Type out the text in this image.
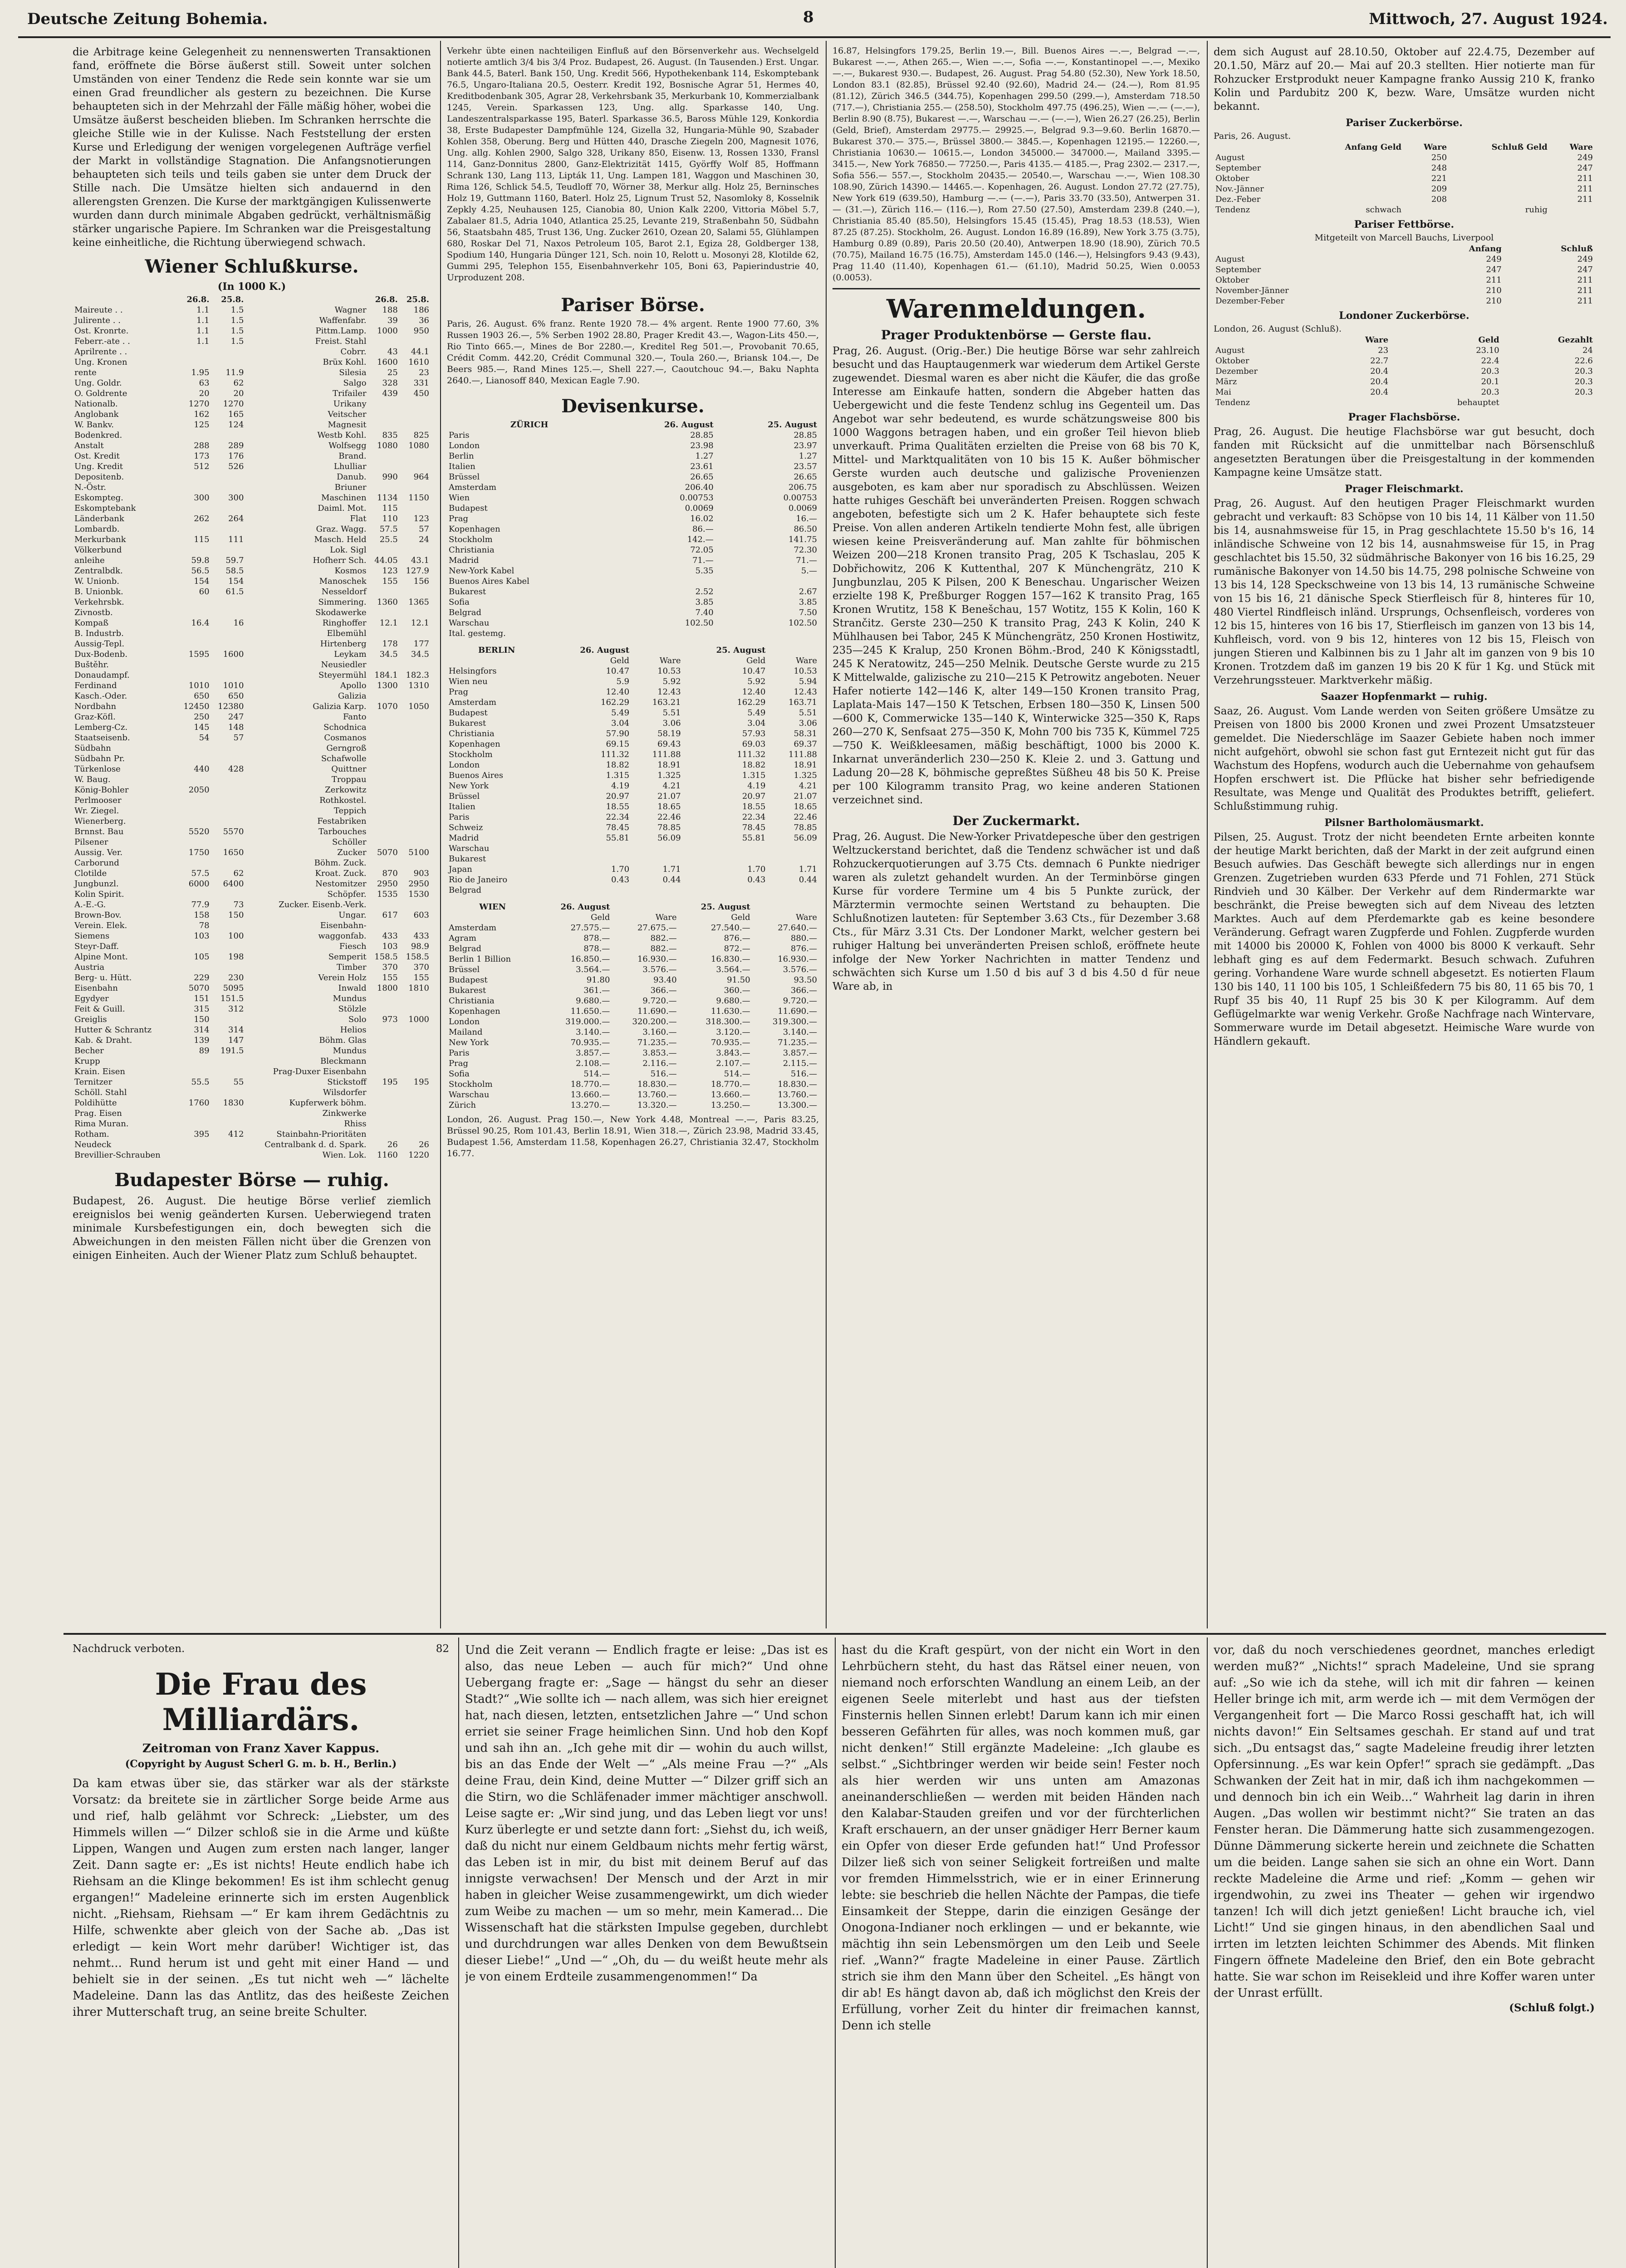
Deutsche Zeitung Bohemia.	8	Mittwoch, 27. August 1924.
die Arbitrage keine Gelegenheit zu nennenswerten Transaktionen fand, eröffnete die Börse äußerst still. Soweit unter solchen Umständen von einer Tendenz die Rede sein konnte war sie um einen Grad freundlicher als gestern zu bezeichnen. Die Kurse behaupteten sich in der Mehrzahl der Fälle mäßig höher, wobei die Umsätze äußerst bescheiden blieben. Im Schranken herrschte die gleiche Stille wie in der Kulisse. Nach Feststellung der ersten Kurse und Erledigung der wenigen vorgelegenen Aufträge verfiel der Markt in vollständige Stagnation. Die Anfangsnotierungen behaupteten sich teils und teils gaben sie unter dem Druck der Stille nach. Die Umsätze hielten sich andauernd in den allerengsten Grenzen. Die Kurse der marktgängigen Kulissenwerte wurden dann durch minimale Abgaben gedrückt, verhältnismäßig stärker ungarische Papiere. Im Schranken war die Preisgestaltung keine einheitliche, die Richtung überwiegend schwach.
Wiener Schlußkurse.
(In 1000 K.)
	26.8.	25.8.		26.8.	25.8.
Maireute . .	1.1	1.5	Wagner	188	186
Julirente . .	1.1	1.5	Waffenfabr.	39	36
Ost. Kronrte.	1.1	1.5	Pittm.Lamp.	1000	950
Feberr.-ate . .	1.1	1.5	Freist. Stahl		
Aprilrente . .			Cobrr.	43	44.1
Ung. Kronen			Brüx Kohl.	1600	1610
rente	1.95	11.9	Silesia	25	23
Ung. Goldr.	63	62	Salgo	328	331
O. Goldrente	20	20	Trifailer	439	450
Nationalb.	1270	1270	Urikany		
Anglobank	162	165	Veitscher		
W. Bankv.	125	124	Magnesit		
Bodenkred.			Westb Kohl.	835	825
Anstalt	288	289	Wolfsegg	1080	1080
Ost. Kredit	173	176	Brand.		
Ung. Kredit	512	526	Lhulliar		
Depositenb.			Danub.	990	964
N.-Östr.			Briuner		
Eskompteg.	300	300	Maschinen	1134	1150
Eskomptebank			Daiml. Mot.	115	
Länderbank	262	264	Flat	110	123
Lombardb.			Graz. Wagg.	57.5	57
Merkurbank	115	111	Masch. Held	25.5	24
Völkerbund			Lok. Sigl		
anleihe	59.8	59.7	Hofherr Sch.	44.05	43.1
Zentralbdk.	56.5	58.5	Kosmos	123	127.9
W. Unionb.	154	154	Manoschek	155	156
B. Unionbk.	60	61.5	Nesseldorf		
Verkehrsbk.			Simmering.	1360	1365
Zivnostb.			Skodawerke		
Kompaß	16.4	16	Ringhoffer	12.1	12.1
B. Industrb.			Elbemühl		
Aussig-Tepl.			Hirtenberg	178	177
Dux-Bodenb.	1595	1600	Leykam	34.5	34.5
Buštěhr.			Neusiedler		
Donaudampf.			Steyermühl	184.1	182.3
Ferdinand	1010	1010	Apollo	1300	1310
Kasch.-Oder.	650	650	Galizia		
Nordbahn	12450	12380	Galizia Karp.	1070	1050
Graz-Köfl.	250	247	Fanto		
Lemberg-Cz.	145	148	Schodnica		
Staatseisenb.	54	57	Cosmanos		
Südbahn			Gerngroß		
Südbahn Pr.			Schafwolle		
Türkenlose	440	428	Quittner		
W. Baug.			Troppau		
König-Bohler	2050		Zerkowitz		
Perlmooser			Rothkostel.		
Wr. Ziegel.			Teppich		
Wienerberg.			Festabriken		
Brnnst. Bau	5520	5570	Tarbouches		
Pilsener			Schöller		
Aussig. Ver.	1750	1650	Zucker	5070	5100
Carborund			Böhm. Zuck.		
Clotilde	57.5	62	Kroat. Zuck.	870	903
Jungbunzl.	6000	6400	Nestomitzer	2950	2950
Kolin Spirit.			Schöpfer.	1535	1530
A.-E.-G.	77.9	73	Zucker. Eisenb.-Verk.		
Brown-Bov.	158	150	Ungar.	617	603
Verein. Elek.	78		Eisenbahn-		
Siemens	103	100	waggonfab.	433	433
Steyr-Daff.			Fiesch	103	98.9
Alpine Mont.	105	198	Semperit	158.5	158.5
Austria			Timber	370	370
Berg- u. Hütt.	229	230	Verein Holz	155	155
Eisenbahn	5070	5095	Inwald	1800	1810
Egydyer	151	151.5	Mundus		
Feit & Guill.	315	312	Stölzle		
Greiglis	150		Solo	973	1000
Hutter & Schrantz	314	314	Helios		
Kab. & Draht.	139	147	Böhm. Glas		
Becher	89	191.5	Mundus		
Krupp			Bleckmann		
Krain. Eisen			Prag-Duxer Eisenbahn		
Ternitzer	55.5	55	Stickstoff	195	195
Schöll. Stahl			Wilsdorfer		
Poldihütte	1760	1830	Kupferwerk böhm.		
Prag. Eisen			Zinkwerke		
Rima Muran.			Rhiss		
Rotham.	395	412	Stainbahn-Prioritäten		
Neudeck			Centralbank d. d. Spark.	26	26
Brevillier-Schrauben			Wien. Lok.	1160	1220
Budapester Börse — ruhig.
Budapest, 26. August. Die heutige Börse verlief ziemlich ereignislos bei wenig geänderten Kursen. Ueberwiegend traten minimale Kursbefestigungen ein, doch bewegten sich die Abweichungen in den meisten Fällen nicht über die Grenzen von einigen Einheiten. Auch der Wiener Platz zum Schluß behauptet.
Verkehr übte einen nachteiligen Einfluß auf den Börsenverkehr aus. Wechselgeld notierte amtlich 3/4 bis 3/4 Proz. Budapest, 26. August. (In Tausenden.) Erst. Ungar. Bank 44.5, Baterl. Bank 150, Ung. Kredit 566, Hypothekenbank 114, Eskomptebank 76.5, Ungaro-Italiana 20.5, Oesterr. Kredit 192, Bosnische Agrar 51, Hermes 40, Kreditbodenbank 305, Agrar 28, Verkehrsbank 35, Merkurbank 10, Kommerzialbank 1245, Verein. Sparkassen 123, Ung. allg. Sparkasse 140, Ung. Landeszentralsparkasse 195, Baterl. Sparkasse 36.5, Baross Mühle 129, Konkordia 38, Erste Budapester Dampfmühle 124, Gizella 32, Hungaria-Mühle 90, Szabader Kohlen 358, Oberung. Berg und Hütten 440, Drasche Ziegeln 200, Magnesit 1076, Ung. allg. Kohlen 2900, Salgo 328, Urikany 850, Eisenw. 13, Rossen 1330, Fransl 114, Ganz-Donnitus 2800, Ganz-Elektrizität 1415, Györffy Wolf 85, Hoffmann Schrank 130, Lang 113, Lipták 11, Ung. Lampen 181, Waggon und Maschinen 30, Rima 126, Schlick 54.5, Teudloff 70, Wörner 38, Merkur allg. Holz 25, Berninsches Holz 19, Guttmann 1160, Baterl. Holz 25, Lignum Trust 52, Nasomloky 8, Kosselnik Zepkly 4.25, Neuhausen 125, Cianobia 80, Union Kalk 2200, Vittoria Möbel 5.7, Zabalaer 81.5, Adria 1040, Atlantica 25.25, Levante 219, Straßenbahn 50, Südbahn 56, Staatsbahn 485, Trust 136, Ung. Zucker 2610, Ozean 20, Salami 55, Glühlampen 680, Roskar Del 71, Naxos Petroleum 105, Barot 2.1, Egiza 28, Goldberger 138, Spodium 140, Hungaria Dünger 121, Sch. noin 10, Relott u. Mosonyi 28, Klotilde 62, Gummi 295, Telephon 155, Eisenbahnverkehr 105, Boni 63, Papierindustrie 40, Urproduzent 208.
Pariser Börse.
Paris, 26. August. 6% franz. Rente 1920 78.— 4% argent. Rente 1900 77.60, 3% Russen 1903 26.—, 5% Serben 1902 28.80, Prager Kredit 43.—, Wagon-Lits 450.—, Rio Tinto 665.—, Mines de Bor 2280.—, Kreditel Reg 501.—, Provobanit 70.65, Crédit Comm. 442.20, Crédit Communal 320.—, Toula 260.—, Briansk 104.—, De Beers 985.—, Rand Mines 125.—, Shell 227.—, Caoutchouc 94.—, Baku Naphta 2640.—, Lianosoff 840, Mexican Eagle 7.90.
Devisenkurse.
ZÜRICH	26. August	25. August
Paris	28.85	28.85
London	23.98	23.97
Berlin	1.27	1.27
Italien	23.61	23.57
Brüssel	26.65	26.65
Amsterdam	206.40	206.75
Wien	0.00753	0.00753
Budapest	0.0069	0.0069
Prag	16.02	16.—
Kopenhagen	86.—	86.50
Stockholm	142.—	141.75
Christiania	72.05	72.30
Madrid	71.—	71.—
New-York Kabel	5.35	5.—
Buenos Aires Kabel		
Bukarest	2.52	2.67
Sofia	3.85	3.85
Belgrad	7.40	7.50
Warschau	102.50	102.50
Ital. gestemg.		
BERLIN	26. August		25. August	
	Geld	Ware	Geld	Ware
Helsingfors	10.47	10.53	10.47	10.53
Wien neu	5.9	5.92	5.92	5.94
Prag	12.40	12.43	12.40	12.43
Amsterdam	162.29	163.21	162.29	163.71
Budapest	5.49	5.51	5.49	5.51
Bukarest	3.04	3.06	3.04	3.06
Christiania	57.90	58.19	57.93	58.31
Kopenhagen	69.15	69.43	69.03	69.37
Stockholm	111.32	111.88	111.32	111.88
London	18.82	18.91	18.82	18.91
Buenos Aires	1.315	1.325	1.315	1.325
New York	4.19	4.21	4.19	4.21
Brüssel	20.97	21.07	20.97	21.07
Italien	18.55	18.65	18.55	18.65
Paris	22.34	22.46	22.34	22.46
Schweiz	78.45	78.85	78.45	78.85
Madrid	55.81	56.09	55.81	56.09
Warschau				
Bukarest				
Japan	1.70	1.71	1.70	1.71
Rio de Janeiro	0.43	0.44	0.43	0.44
Belgrad				
WIEN	26. August		25. August	
	Geld	Ware	Geld	Ware
Amsterdam	27.575.—	27.675.—	27.540.—	27.640.—
Agram	878.—	882.—	876.—	880.—
Belgrad	878.—	882.—	872.—	876.—
Berlin 1 Billion	16.850.—	16.930.—	16.830.—	16.930.—
Brüssel	3.564.—	3.576.—	3.564.—	3.576.—
Budapest	91.80	93.40	91.50	93.50
Bukarest	361.—	366.—	360.—	366.—
Christiania	9.680.—	9.720.—	9.680.—	9.720.—
Kopenhagen	11.650.—	11.690.—	11.630.—	11.690.—
London	319.000.—	320.200.—	318.300.—	319.300.—
Mailand	3.140.—	3.160.—	3.120.—	3.140.—
New York	70.935.—	71.235.—	70.935.—	71.235.—
Paris	3.857.—	3.853.—	3.843.—	3.857.—
Prag	2.108.—	2.116.—	2.107.—	2.115.—
Sofia	514.—	516.—	514.—	516.—
Stockholm	18.770.—	18.830.—	18.770.—	18.830.—
Warschau	13.660.—	13.760.—	13.660.—	13.760.—
Zürich	13.270.—	13.320.—	13.250.—	13.300.—
London, 26. August. Prag 150.—, New York 4.48, Montreal —.—, Paris 83.25, Brüssel 90.25, Rom 101.43, Berlin 18.91, Wien 318.—, Zürich 23.98, Madrid 33.45, Budapest 1.56, Amsterdam 11.58, Kopenhagen 26.27, Christiania 32.47, Stockholm 16.77.
16.87, Helsingfors 179.25, Berlin 19.—, Bill. Buenos Aires —.—, Belgrad —.—, Bukarest —.—, Athen 265.—, Wien —.—, Sofia —.—, Konstantinopel —.—, Mexiko —.—, Bukarest 930.—. Budapest, 26. August. Prag 54.80 (52.30), New York 18.50, London 83.1 (82.85), Brüssel 92.40 (92.60), Madrid 24.— (24.—), Rom 81.95 (81.12), Zürich 346.5 (344.75), Kopenhagen 299.50 (299.—), Amsterdam 718.50 (717.—), Christiania 255.— (258.50), Stockholm 497.75 (496.25), Wien —.— (—.—), Berlin 8.90 (8.75), Bukarest —.—, Warschau —.— (—.—), Wien 26.27 (26.25), Berlin (Geld, Brief), Amsterdam 29775.— 29925.—, Belgrad 9.3—9.60. Berlin 16870.— Bukarest 370.— 375.—, Brüssel 3800.— 3845.—, Kopenhagen 12195.— 12260.—, Christiania 10630.— 10615.—, London 345000.— 347000.—, Mailand 3395.— 3415.—, New York 76850.— 77250.—, Paris 4135.— 4185.—, Prag 2302.— 2317.—, Sofia 556.— 557.—, Stockholm 20435.— 20540.—, Warschau —.—, Wien 108.30 108.90, Zürich 14390.— 14465.—. Kopenhagen, 26. August. London 27.72 (27.75), New York 619 (639.50), Hamburg —.— (—.—), Paris 33.70 (33.50), Antwerpen 31.— (31.—), Zürich 116.— (116.—), Rom 27.50 (27.50), Amsterdam 239.8 (240.—), Christiania 85.40 (85.50), Helsingfors 15.45 (15.45), Prag 18.53 (18.53), Wien 87.25 (87.25). Stockholm, 26. August. London 16.89 (16.89), New York 3.75 (3.75), Hamburg 0.89 (0.89), Paris 20.50 (20.40), Antwerpen 18.90 (18.90), Zürich 70.5 (70.75), Mailand 16.75 (16.75), Amsterdam 145.0 (146.—), Helsingfors 9.43 (9.43), Prag 11.40 (11.40), Kopenhagen 61.— (61.10), Madrid 50.25, Wien 0.0053 (0.0053).
Warenmeldungen.
Prager Produktenbörse — Gerste flau.
Prag, 26. August. (Orig.-Ber.) Die heutige Börse war sehr zahlreich besucht und das Hauptaugenmerk war wiederum dem Artikel Gerste zugewendet. Diesmal waren es aber nicht die Käufer, die das große Interesse am Einkaufe hatten, sondern die Abgeber hatten das Uebergewicht und die feste Tendenz schlug ins Gegenteil um. Das Angebot war sehr bedeutend, es wurde schätzungsweise 800 bis 1000 Waggons betragen haben, und ein großer Teil hievon blieb unverkauft. Prima Qualitäten erzielten die Preise von 68 bis 70 K, Mittel- und Marktqualitäten von 10 bis 15 K. Außer böhmischer Gerste wurden auch deutsche und galizische Provenienzen ausgeboten, es kam aber nur sporadisch zu Abschlüssen. Weizen hatte ruhiges Geschäft bei unveränderten Preisen. Roggen schwach angeboten, befestigte sich um 2 K. Hafer behauptete sich feste Preise. Von allen anderen Artikeln tendierte Mohn fest, alle übrigen wiesen keine Preisveränderung auf. Man zahlte für böhmischen Weizen 200—218 Kronen transito Prag, 205 K Tschaslau, 205 K Dobřichowitz, 206 K Kuttenthal, 207 K Münchengrätz, 210 K Jungbunzlau, 205 K Pilsen, 200 K Beneschau. Ungarischer Weizen erzielte 198 K, Preßburger Roggen 157—162 K transito Prag, 165 Kronen Wrutitz, 158 K Benešchau, 157 Wotitz, 155 K Kolin, 160 K Strančitz. Gerste 230—250 K transito Prag, 243 K Kolin, 240 K Mühlhausen bei Tabor, 245 K Münchengrätz, 250 Kronen Hostiwitz, 235—245 K Kralup, 250 Kronen Böhm.-Brod, 240 K Königsstadtl, 245 K Neratowitz, 245—250 Melnik. Deutsche Gerste wurde zu 215 K Mittelwalde, galizische zu 210—215 K Petrowitz angeboten. Neuer Hafer notierte 142—146 K, alter 149—150 Kronen transito Prag, Laplata-Mais 147—150 K Tetschen, Erbsen 180—350 K, Linsen 500—600 K, Commerwicke 135—140 K, Winterwicke 325—350 K, Raps 260—270 K, Senfsaat 275—350 K, Mohn 700 bis 735 K, Kümmel 725—750 K. Weißkleesamen, mäßig beschäftigt, 1000 bis 2000 K. Inkarnat unveränderlich 230—250 K. Kleie 2. und 3. Gattung und Ladung 20—28 K, böhmische gepreßtes Süßheu 48 bis 50 K. Preise per 100 Kilogramm transito Prag, wo keine anderen Stationen verzeichnet sind.
Der Zuckermarkt.
Prag, 26. August. Die New-Yorker Privatdepesche über den gestrigen Weltzuckerstand berichtet, daß die Tendenz schwächer ist und daß Rohzuckerquotierungen auf 3.75 Cts. demnach 6 Punkte niedriger waren als zuletzt gehandelt wurden. An der Terminbörse gingen Kurse für vordere Termine um 4 bis 5 Punkte zurück, der Märztermin vermochte seinen Wertstand zu behaupten. Die Schlußnotizen lauteten: für September 3.63 Cts., für Dezember 3.68 Cts., für März 3.31 Cts. Der Londoner Markt, welcher gestern bei ruhiger Haltung bei unveränderten Preisen schloß, eröffnete heute infolge der New Yorker Nachrichten in matter Tendenz und schwächten sich Kurse um 1.50 d bis auf 3 d bis 4.50 d für neue Ware ab, in
dem sich August auf 28.10.50, Oktober auf 22.4.75, Dezember auf 20.1.50, März auf 20.— Mai auf 20.3 stellten. Hier notierte man für Rohzucker Erstprodukt neuer Kampagne franko Aussig 210 K, franko Kolin und Pardubitz 200 K, bezw. Ware, Umsätze wurden nicht bekannt.
Pariser Zuckerbörse.
Paris, 26. August.
	Anfang Geld	Ware	Schluß Geld	Ware
August		250		249
September		248		247
Oktober		221		211
Nov.-Jänner		209		211
Dez.-Feber		208		211
Tendenz	schwach		ruhig	
Pariser Fettbörse.
Mitgeteilt von Marcell Bauchs, Liverpool
	Anfang	Schluß
August	249	249
September	247	247
Oktober	211	211
November-Jänner	210	211
Dezember-Feber	210	211
Londoner Zuckerbörse.
London, 26. August (Schluß).
	Ware	Geld	Gezahlt
August	23	23.10	24
Oktober	22.7	22.4	22.6
Dezember	20.4	20.3	20.3
März	20.4	20.1	20.3
Mai	20.4	20.3	20.3
Tendenz		behauptet	
Prager Flachsbörse.
Prag, 26. August. Die heutige Flachsbörse war gut besucht, doch fanden mit Rücksicht auf die unmittelbar nach Börsenschluß angesetzten Beratungen über die Preisgestaltung in der kommenden Kampagne keine Umsätze statt.
Prager Fleischmarkt.
Prag, 26. August. Auf den heutigen Prager Fleischmarkt wurden gebracht und verkauft: 83 Schöpse von 10 bis 14, 11 Kälber von 11.50 bis 14, ausnahmsweise für 15, in Prag geschlachtete 15.50 b's 16, 14 inländische Schweine von 12 bis 14, ausnahmsweise für 15, in Prag geschlachtet bis 15.50, 32 südmährische Bakonyer von 16 bis 16.25, 29 rumänische Bakonyer von 14.50 bis 14.75, 298 polnische Schweine von 13 bis 14, 128 Speckschweine von 13 bis 14, 13 rumänische Schweine von 15 bis 16, 21 dänische Speck Stierfleisch für 8, hinteres für 10, 480 Viertel Rindfleisch inländ. Ursprungs, Ochsenfleisch, vorderes von 12 bis 15, hinteres von 16 bis 17, Stierfleisch im ganzen von 13 bis 14, Kuhfleisch, vord. von 9 bis 12, hinteres von 12 bis 15, Fleisch von jungen Stieren und Kalbinnen bis zu 1 Jahr alt im ganzen von 9 bis 10 Kronen. Trotzdem daß im ganzen 19 bis 20 K für 1 Kg. und Stück mit Verzehrungssteuer. Marktverkehr mäßig.
Saazer Hopfenmarkt — ruhig.
Saaz, 26. August. Vom Lande werden von Seiten größere Umsätze zu Preisen von 1800 bis 2000 Kronen und zwei Prozent Umsatzsteuer gemeldet. Die Niederschläge im Saazer Gebiete haben noch immer nicht aufgehört, obwohl sie schon fast gut Erntezeit nicht gut für das Wachstum des Hopfens, wodurch auch die Uebernahme von gehaufsem Hopfen erschwert ist. Die Pflücke hat bisher sehr befriedigende Resultate, was Menge und Qualität des Produktes betrifft, geliefert. Schlußstimmung ruhig.
Pilsner Bartholomäusmarkt.
Pilsen, 25. August. Trotz der nicht beendeten Ernte arbeiten konnte der heutige Markt berichten, daß der Markt in der zeit aufgrund einen Besuch aufwies. Das Geschäft bewegte sich allerdings nur in engen Grenzen. Zugetrieben wurden 633 Pferde und 71 Fohlen, 271 Stück Rindvieh und 30 Kälber. Der Verkehr auf dem Rindermarkte war beschränkt, die Preise bewegten sich auf dem Niveau des letzten Marktes. Auch auf dem Pferdemarkte gab es keine besondere Veränderung. Gefragt waren Zugpferde und Fohlen. Zugpferde wurden mit 14000 bis 20000 K, Fohlen von 4000 bis 8000 K verkauft. Sehr lebhaft ging es auf dem Federmarkt. Besuch schwach. Zufuhren gering. Vorhandene Ware wurde schnell abgesetzt. Es notierten Flaum 130 bis 140, 11 100 bis 105, 1 Schleißfedern 75 bis 80, 11 65 bis 70, 1 Rupf 35 bis 40, 11 Rupf 25 bis 30 K per Kilogramm. Auf dem Geflügelmarkte war wenig Verkehr. Große Nachfrage nach Wintervare, Sommerware wurde im Detail abgesetzt. Heimische Ware wurde von Händlern gekauft.
Nachdruck verboten.	82
Die Frau des Milliardärs.
Zeitroman von Franz Xaver Kappus.
(Copyright by August Scherl G. m. b. H., Berlin.)
Da kam etwas über sie, das stärker war als der stärkste Vorsatz: da breitete sie in zärtlicher Sorge beide Arme aus und rief, halb gelähmt vor Schreck: „Liebster, um des Himmels willen —“ Dilzer schloß sie in die Arme und küßte Lippen, Wangen und Augen zum ersten nach langer, langer Zeit. Dann sagte er: „Es ist nichts! Heute endlich habe ich Riehsam an die Klinge bekommen! Es ist ihm schlecht genug ergangen!“ Madeleine erinnerte sich im ersten Augenblick nicht. „Riehsam, Riehsam —“ Er kam ihrem Gedächtnis zu Hilfe, schwenkte aber gleich von der Sache ab. „Das ist erledigt — kein Wort mehr darüber! Wichtiger ist, das nehmt... Rund herum ist und geht mit einer Hand — und behielt sie in der seinen. „Es tut nicht weh —“ lächelte Madeleine. Dann las das Antlitz, das des heißeste Zeichen ihrer Mutterschaft trug, an seine breite Schulter.
Und die Zeit verann — Endlich fragte er leise: „Das ist es also, das neue Leben — auch für mich?“ Und ohne Uebergang fragte er: „Sage — hängst du sehr an dieser Stadt?“ „Wie sollte ich — nach allem, was sich hier ereignet hat, nach diesen, letzten, entsetzlichen Jahre —“ Und schon erriet sie seiner Frage heimlichen Sinn. Und hob den Kopf und sah ihn an. „Ich gehe mit dir — wohin du auch willst, bis an das Ende der Welt —“ „Als meine Frau —?“ „Als deine Frau, dein Kind, deine Mutter —“ Dilzer griff sich an die Stirn, wo die Schläfenader immer mächtiger anschwoll. Leise sagte er: „Wir sind jung, und das Leben liegt vor uns! Kurz überlegte er und setzte dann fort: „Siehst du, ich weiß, daß du nicht nur einem Geldbaum nichts mehr fertig wärst, das Leben ist in mir, du bist mit deinem Beruf auf das innigste verwachsen! Der Mensch und der Arzt in mir haben in gleicher Weise zusammengewirkt, um dich wieder zum Weibe zu machen — um so mehr, mein Kamerad... Die Wissenschaft hat die stärksten Impulse gegeben, durchlebt und durchdrungen war alles Denken von dem Bewußtsein dieser Liebe!“ „Und —“ „Oh, du — du weißt heute mehr als je von einem Erdteile zusammengenommen!“ Da
hast du die Kraft gespürt, von der nicht ein Wort in den Lehrbüchern steht, du hast das Rätsel einer neuen, von niemand noch erforschten Wandlung an einem Leib, an der eigenen Seele miterlebt und hast aus der tiefsten Finsternis hellen Sinnen erlebt! Darum kann ich mir einen besseren Gefährten für alles, was noch kommen muß, gar nicht denken!“ Still ergänzte Madeleine: „Ich glaube es selbst.“ „Sichtbringer werden wir beide sein! Fester noch als hier werden wir uns unten am Amazonas aneinanderschließen — werden mit beiden Händen nach den Kalabar-Stauden greifen und vor der fürchterlichen Kraft erschauern, an der unser gnädiger Herr Berner kaum ein Opfer von dieser Erde gefunden hat!“ Und Professor Dilzer ließ sich von seiner Seligkeit fortreißen und malte vor fremden Himmelsstrich, wie er in einer Erinnerung lebte: sie beschrieb die hellen Nächte der Pampas, die tiefe Einsamkeit der Steppe, darin die einzigen Gesänge der Onogona-Indianer noch erklingen — und er bekannte, wie mächtig ihn sein Lebensmörgen um den Leib und Seele rief. „Wann?“ fragte Madeleine in einer Pause. Zärtlich strich sie ihm den Mann über den Scheitel. „Es hängt von dir ab! Es hängt davon ab, daß ich möglichst den Kreis der Erfüllung, vorher Zeit du hinter dir freimachen kannst, Denn ich stelle
vor, daß du noch verschiedenes geordnet, manches erledigt werden muß?“ „Nichts!“ sprach Madeleine, Und sie sprang auf: „So wie ich da stehe, will ich mit dir fahren — keinen Heller bringe ich mit, arm werde ich — mit dem Vermögen der Vergangenheit fort — Die Marco Rossi geschafft hat, ich will nichts davon!“ Ein Seltsames geschah. Er stand auf und trat sich. „Du entsagst das,“ sagte Madeleine freudig ihrer letzten Opfersinnung. „Es war kein Opfer!“ sprach sie gedämpft. „Das Schwanken der Zeit hat in mir, daß ich ihm nachgekommen — und dennoch bin ich ein Weib...“ Wahrheit lag darin in ihren Augen. „Das wollen wir bestimmt nicht?“ Sie traten an das Fenster heran. Die Dämmerung hatte sich zusammengezogen. Dünne Dämmerung sickerte herein und zeichnete die Schatten um die beiden. Lange sahen sie sich an ohne ein Wort. Dann reckte Madeleine die Arme und rief: „Komm — gehen wir irgendwohin, zu zwei ins Theater — gehen wir irgendwo tanzen! Ich will dich jetzt genießen! Licht brauche ich, viel Licht!“ Und sie gingen hinaus, in den abendlichen Saal und irrten im letzten leichten Schimmer des Abends. Mit flinken Fingern öffnete Madeleine den Brief, den ein Bote gebracht hatte. Sie war schon im Reisekleid und ihre Koffer waren unter der Unrast erfüllt.
(Schluß folgt.)
